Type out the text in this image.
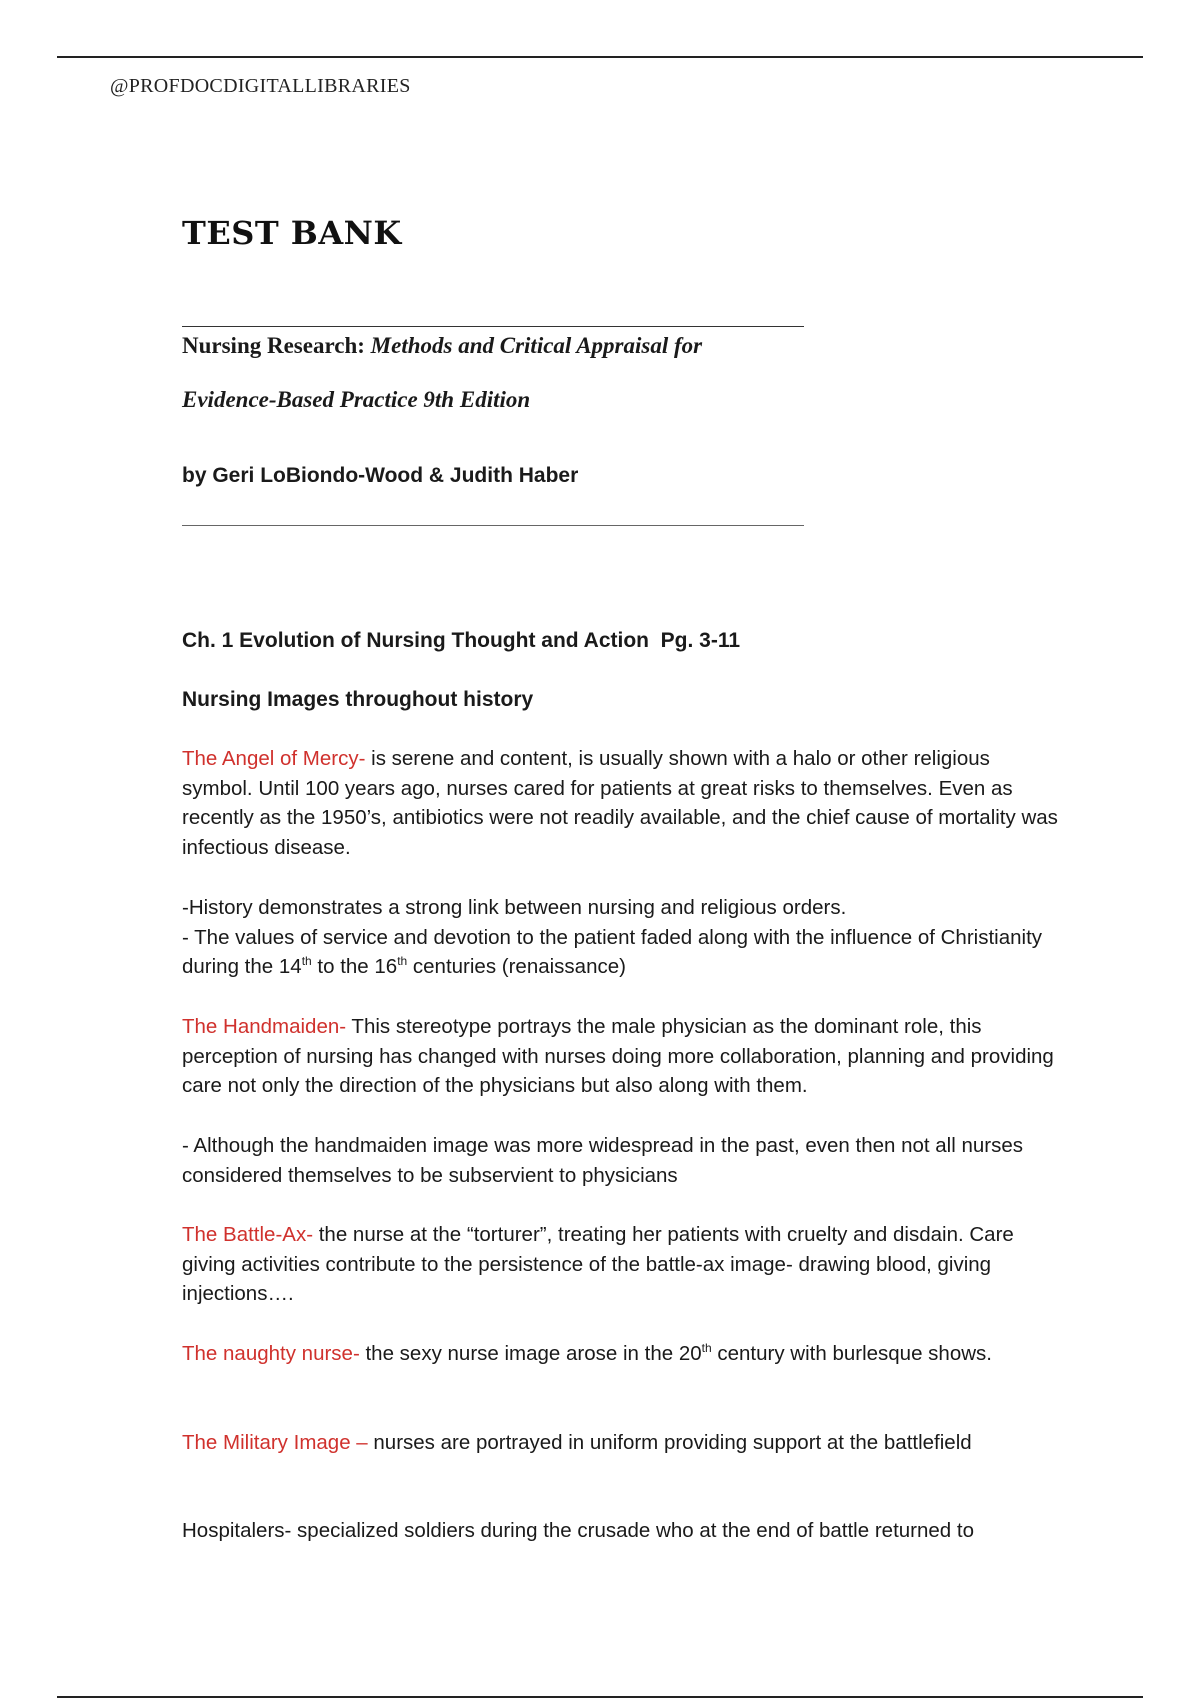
@PROFDOCDIGITALLIBRARIES
TEST BANK
Nursing Research: Methods and Critical Appraisal for
Evidence-Based Practice 9th Edition
by Geri LoBiondo-Wood & Judith Haber
Ch. 1 Evolution of Nursing Thought and Action  Pg. 3-11
Nursing Images throughout history
The Angel of Mercy- is serene and content, is usually shown with a halo or other religious symbol. Until 100 years ago, nurses cared for patients at great risks to themselves. Even as recently as the 1950’s, antibiotics were not readily available, and the chief cause of mortality was infectious disease.
-History demonstrates a strong link between nursing and religious orders.
- The values of service and devotion to the patient faded along with the influence of Christianity during the 14th to the 16th centuries (renaissance)
The Handmaiden- This stereotype portrays the male physician as the dominant role, this perception of nursing has changed with nurses doing more collaboration, planning and providing care not only the direction of the physicians but also along with them.
- Although the handmaiden image was more widespread in the past, even then not all nurses considered themselves to be subservient to physicians
The Battle-Ax- the nurse at the “torturer”, treating her patients with cruelty and disdain. Care giving activities contribute to the persistence of the battle-ax image- drawing blood, giving injections….
The naughty nurse- the sexy nurse image arose in the 20th century with burlesque shows.
The Military Image – nurses are portrayed in uniform providing support at the battlefield
Hospitalers- specialized soldiers during the crusade who at the end of battle returned to
